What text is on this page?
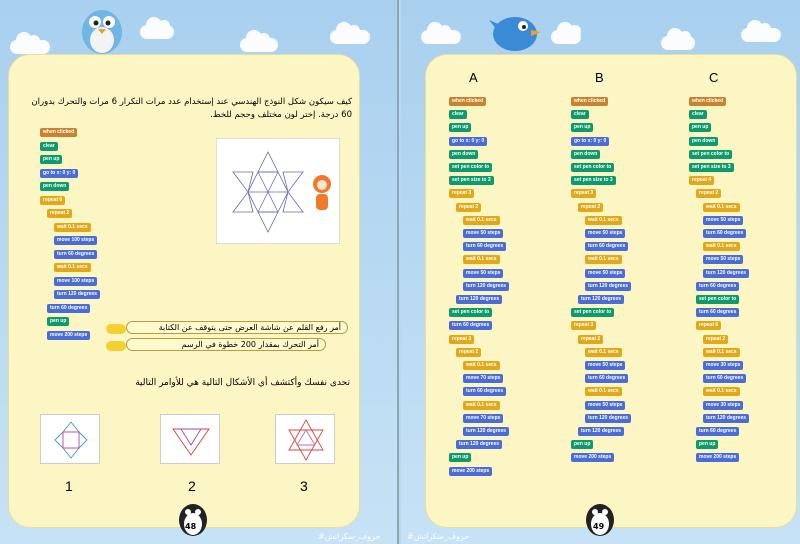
كيف سيكون شكل النوذج الهندسي عند إستخدام عدد مرات التكرار 6 مرات والتحرك بدوران 60 درجة. إختر لون مختلف وحجم للخط.
أمر رفع القلم عن شاشة العرض حتى يتوقف عن الكتابة
أمر التحرك بمقدار 200 خطوة في الرسم
تحدى نفسك وأكتشف أي الأشكال التالية هي للأوامر التالية
1	2	3
48
#حروف_سكراتش
when clicked
clear
pen up
go to x: 0 y: 0
pen down
repeat 6
repeat 2
wait 0.1 secs
move 100 steps
turn 60 degrees
wait 0.1 secs
move 100 steps
turn 120 degrees
turn 60 degrees
pen up
move 200 steps
A	B	C
49
#حروف_سكراتش
when clicked
clear
pen up
go to x: 0 y: 0
pen down
set pen color to
set pen size to 3
repeat 3
repeat 2
wait 0.1 secs
move 50 steps
turn 60 degrees
wait 0.1 secs
move 50 steps
turn 120 degrees
turn 120 degrees
set pen color to
turn 60 degrees
repeat 3
repeat 2
wait 0.1 secs
move 70 steps
turn 60 degrees
wait 0.1 secs
move 70 steps
turn 120 degrees
turn 120 degrees
pen up
move 200 steps
when clicked
clear
pen up
go to x: 0 y: 0
pen down
set pen color to
set pen size to 3
repeat 3
repeat 2
wait 0.1 secs
move 50 steps
turn 60 degrees
wait 0.1 secs
move 50 steps
turn 120 degrees
turn 120 degrees
set pen color to
repeat 3
repeat 2
wait 0.1 secs
move 50 steps
turn 60 degrees
wait 0.1 secs
move 50 steps
turn 120 degrees
turn 120 degrees
pen up
move 200 steps
when clicked
clear
pen up
pen down
set pen color to
set pen size to 3
repeat 4
repeat 2
wait 0.1 secs
move 50 steps
turn 60 degrees
wait 0.1 secs
move 50 steps
turn 120 degrees
turn 60 degrees
set pen color to
turn 60 degrees
repeat 6
repeat 2
wait 0.1 secs
move 30 steps
turn 60 degrees
wait 0.1 secs
move 30 steps
turn 120 degrees
turn 60 degrees
pen up
move 200 steps
